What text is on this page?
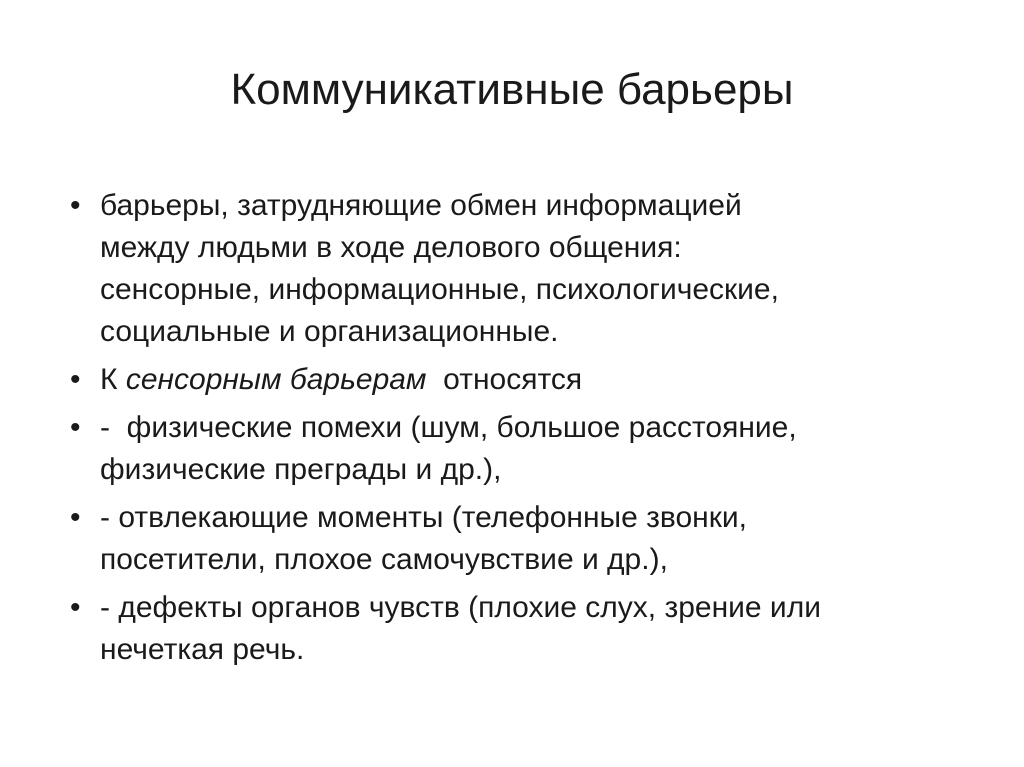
Коммуникативные барьеры
• барьеры, затрудняющие обмен информацией
между людьми в ходе делового общения:
сенсорные, информационные, психологические,
социальные и организационные.
• К сенсорным барьерам  относятся
• -  физические помехи (шум, большое расстояние,
физические преграды и др.),
• - отвлекающие моменты (телефонные звонки,
посетители, плохое самочувствие и др.),
• - дефекты органов чувств (плохие слух, зрение или
нечеткая речь.
